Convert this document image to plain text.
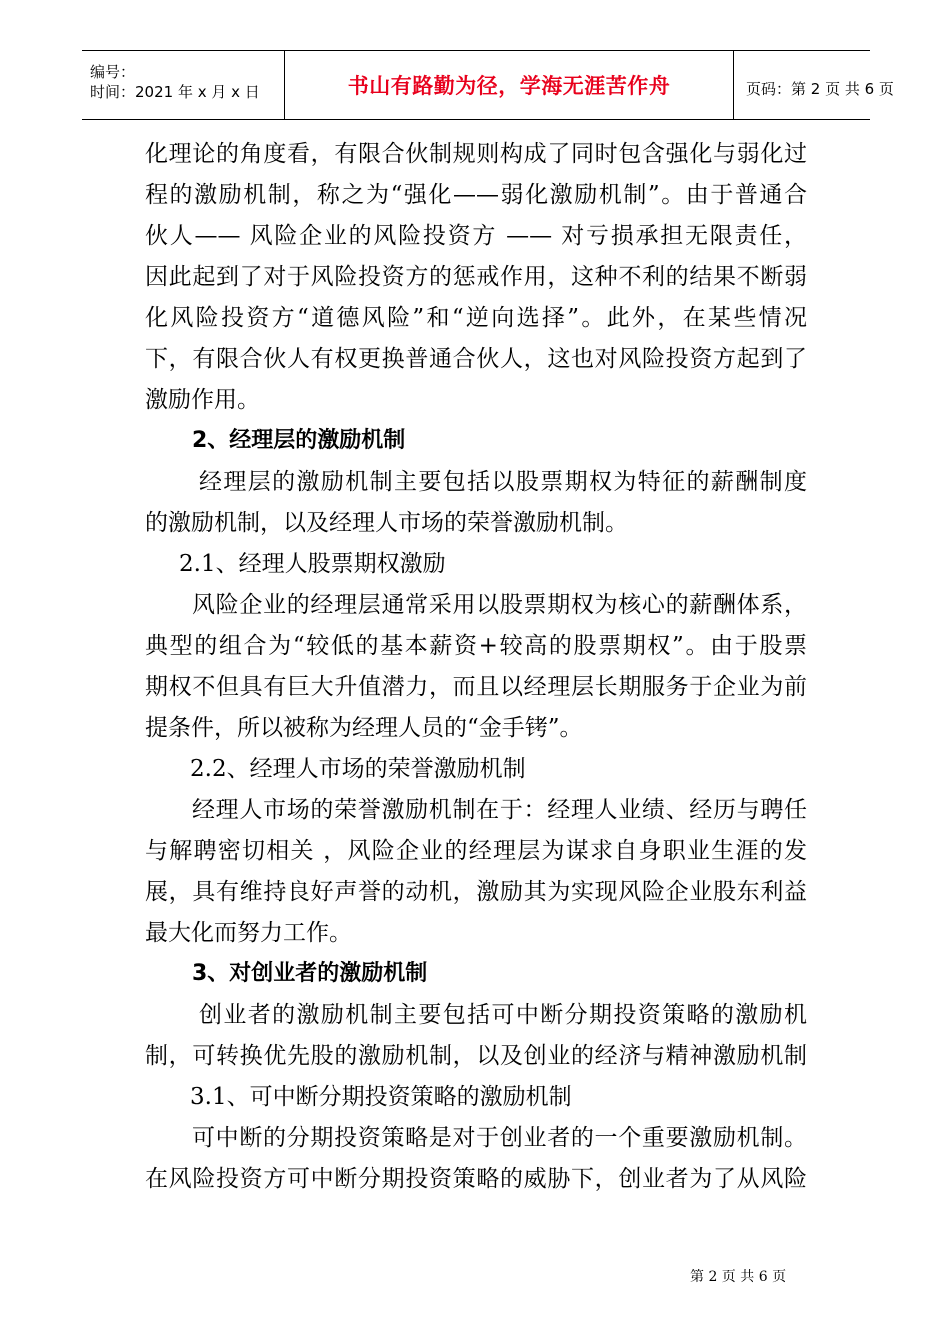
编号：
时间：2021 年 x 月 x 日	书山有路勤为径，学海无涯苦作舟	页码：第 2 页 共 6 页
化理论的角度看，有限合伙制规则构成了同时包含强化与弱化过
程的激励机制，称之为“强化——弱化激励机制”。由于普通合
伙人—— 风险企业的风险投资方 —— 对亏损承担无限责任，
因此起到了对于风险投资方的惩戒作用，这种不利的结果不断弱
化风险投资方“道德风险”和“逆向选择”。此外，在某些情况
下，有限合伙人有权更换普通合伙人，这也对风险投资方起到了
激励作用。
2、经理层的激励机制
经理层的激励机制主要包括以股票期权为特征的薪酬制度
的激励机制，以及经理人市场的荣誉激励机制。
2.1、经理人股票期权激励
风险企业的经理层通常采用以股票期权为核心的薪酬体系，
典型的组合为“较低的基本薪资+较高的股票期权”。由于股票
期权不但具有巨大升值潜力，而且以经理层长期服务于企业为前
提条件，所以被称为经理人员的“金手铐”。
2.2、经理人市场的荣誉激励机制
经理人市场的荣誉激励机制在于：经理人业绩、经历与聘任
与解聘密切相关 ，风险企业的经理层为谋求自身职业生涯的发
展，具有维持良好声誉的动机，激励其为实现风险企业股东利益
最大化而努力工作。
3、对创业者的激励机制
创业者的激励机制主要包括可中断分期投资策略的激励机
制，可转换优先股的激励机制，以及创业的经济与精神激励机制
3.1、可中断分期投资策略的激励机制
可中断的分期投资策略是对于创业者的一个重要激励机制。
在风险投资方可中断分期投资策略的威胁下，创业者为了从风险
第 2 页 共 6 页
